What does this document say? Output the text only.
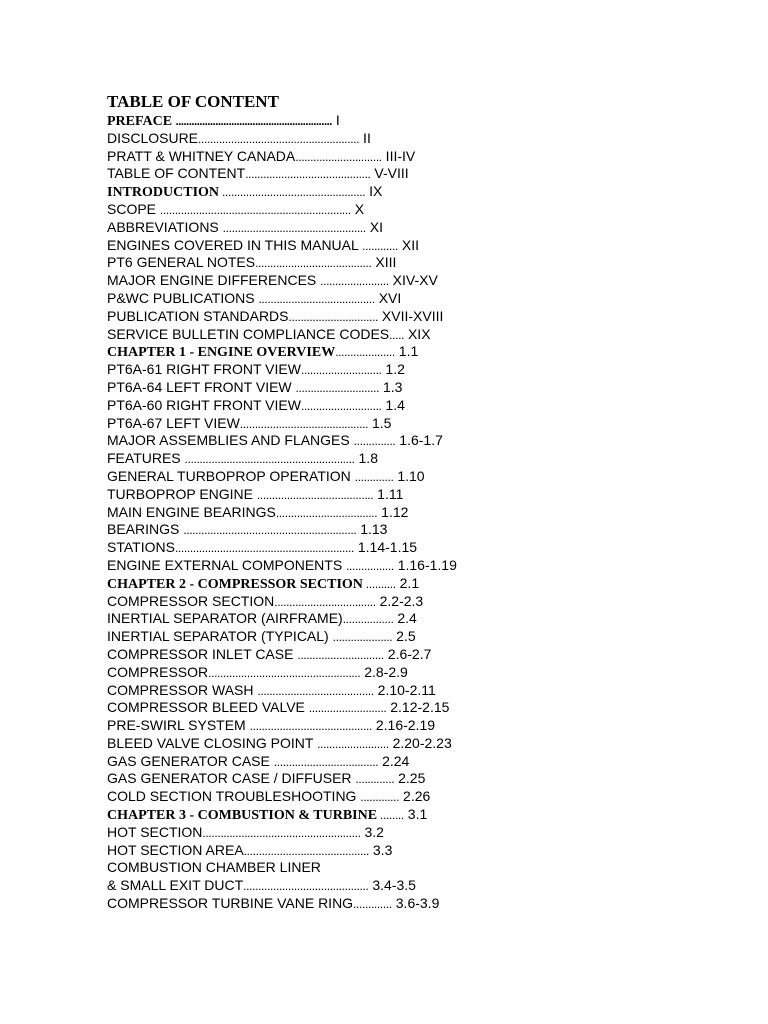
TABLE OF CONTENT
PREFACE ........................................................... I
DISCLOSURE...................................................... II
PRATT & WHITNEY CANADA............................. III-IV
TABLE OF CONTENT.......................................... V-VIII
INTRODUCTION ................................................ IX
SCOPE ................................................................ X
ABBREVIATIONS ................................................ XI
ENGINES COVERED IN THIS MANUAL ............ XII
PT6 GENERAL NOTES....................................... XIII
MAJOR ENGINE DIFFERENCES ....................... XIV-XV
P&WC PUBLICATIONS ....................................... XVI
PUBLICATION STANDARDS.............................. XVII-XVIII
SERVICE BULLETIN COMPLIANCE CODES..... XIX
CHAPTER 1 - ENGINE OVERVIEW.................... 1.1
PT6A-61 RIGHT FRONT VIEW........................... 1.2
PT6A-64 LEFT FRONT VIEW ............................ 1.3
PT6A-60 RIGHT FRONT VIEW........................... 1.4
PT6A-67 LEFT VIEW........................................... 1.5
MAJOR ASSEMBLIES AND FLANGES .............. 1.6-1.7
FEATURES ......................................................... 1.8
GENERAL TURBOPROP OPERATION ............. 1.10
TURBOPROP ENGINE ....................................... 1.11
MAIN ENGINE BEARINGS.................................. 1.12
BEARINGS .......................................................... 1.13
STATIONS............................................................ 1.14-1.15
ENGINE EXTERNAL COMPONENTS ................ 1.16-1.19
CHAPTER 2 - COMPRESSOR SECTION .......... 2.1
COMPRESSOR SECTION.................................. 2.2-2.3
INERTIAL SEPARATOR (AIRFRAME)................. 2.4
INERTIAL SEPARATOR (TYPICAL) .................... 2.5
COMPRESSOR INLET CASE ............................. 2.6-2.7
COMPRESSOR................................................... 2.8-2.9
COMPRESSOR WASH ....................................... 2.10-2.11
COMPRESSOR BLEED VALVE .......................... 2.12-2.15
PRE-SWIRL SYSTEM ......................................... 2.16-2.19
BLEED VALVE CLOSING POINT ........................ 2.20-2.23
GAS GENERATOR CASE ................................... 2.24
GAS GENERATOR CASE / DIFFUSER ............. 2.25
COLD SECTION TROUBLESHOOTING ............. 2.26
CHAPTER 3 - COMBUSTION & TURBINE ........ 3.1
HOT SECTION..................................................... 3.2
HOT SECTION AREA.......................................... 3.3
COMBUSTION CHAMBER LINER
& SMALL EXIT DUCT.......................................... 3.4-3.5
COMPRESSOR TURBINE VANE RING............. 3.6-3.9
